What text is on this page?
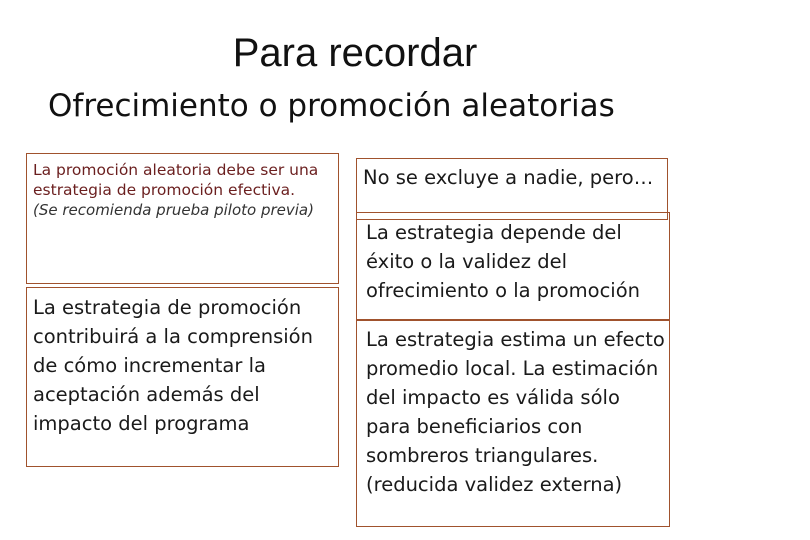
Para recordar
Ofrecimiento o promoción aleatorias
La promoción aleatoria debe ser una estrategia de promoción efectiva.
(Se recomienda prueba piloto previa)
La estrategia de promoción contribuirá a la comprensión de cómo incrementar la aceptación además del impacto del programa
No se excluye a nadie, pero…
La estrategia depende del éxito o la validez del ofrecimiento o la promoción
La estrategia estima un efecto promedio local. La estimación del impacto es válida sólo para beneficiarios con sombreros triangulares. (reducida validez externa)
